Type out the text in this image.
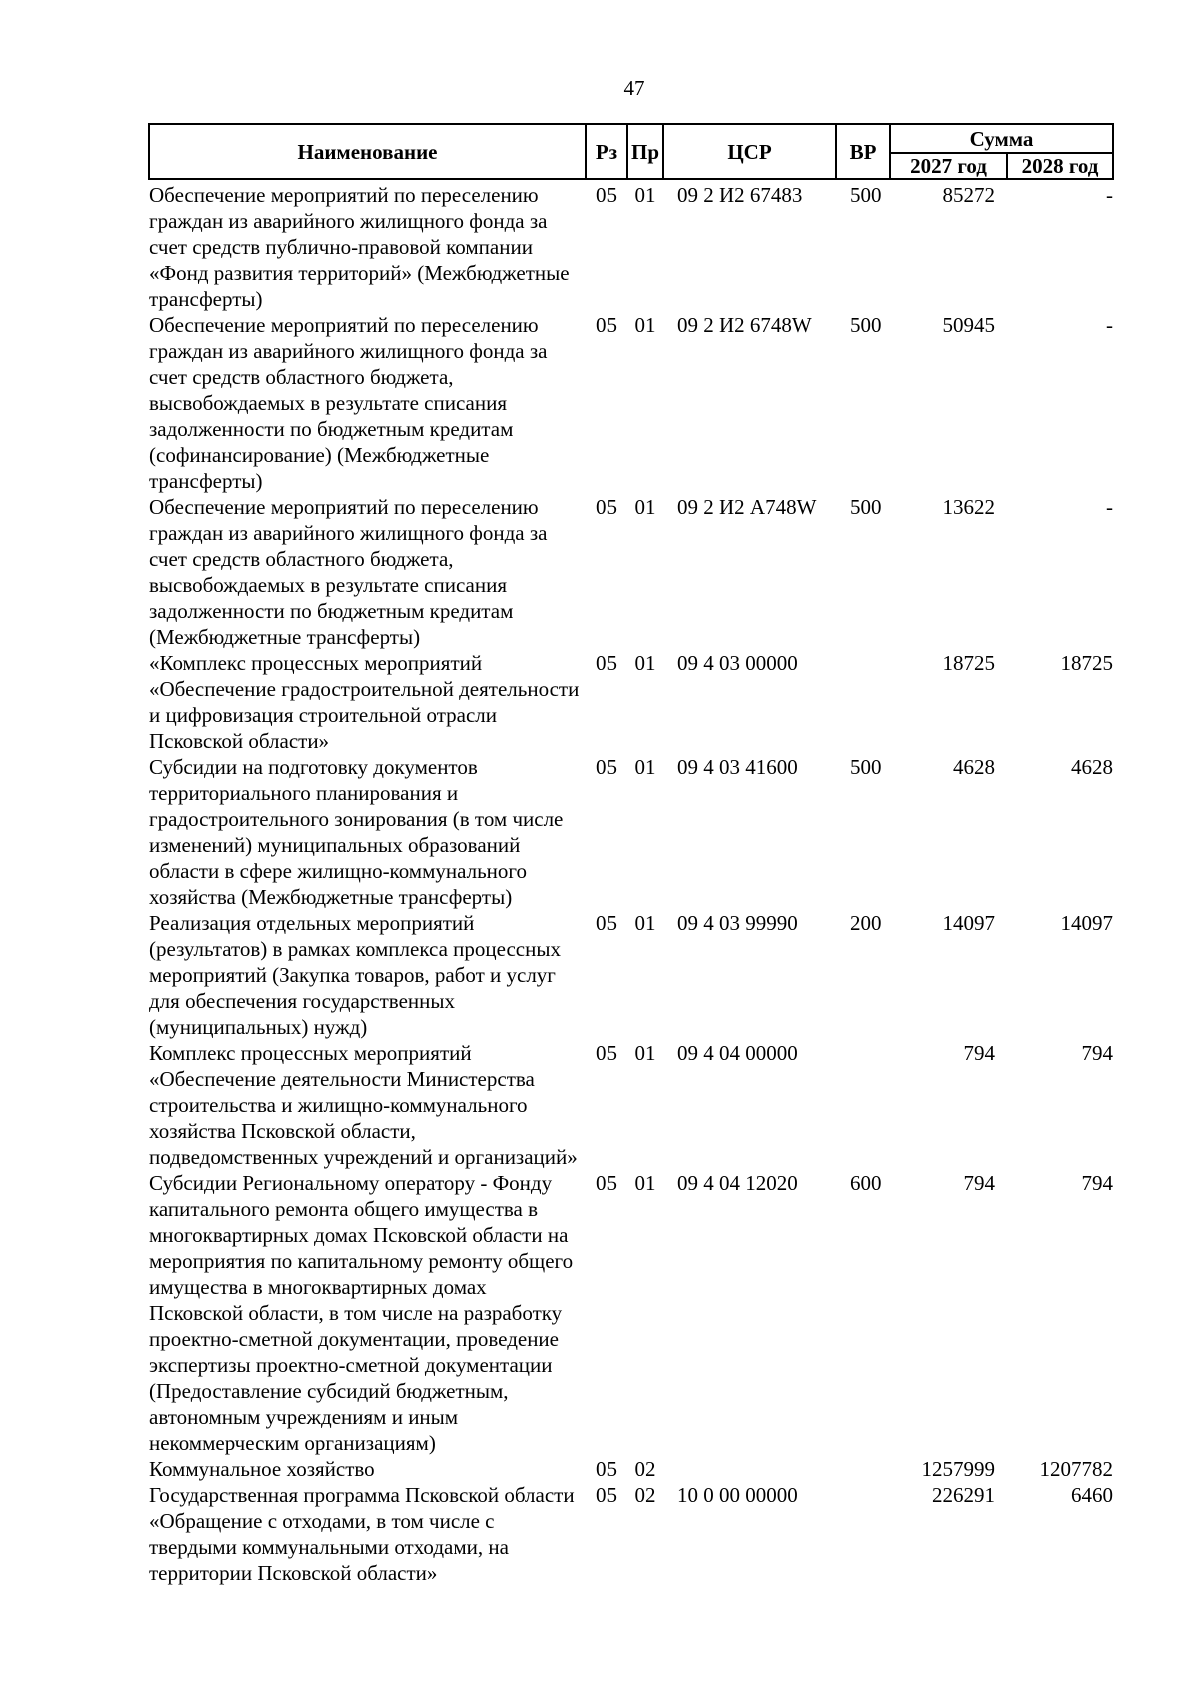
47
Наименование	Рз	Пр	ЦСР	ВР	Сумма	
					2027 год	2028 год
Обеспечение мероприятий по переселению граждан из аварийного жилищного фонда за счет средств публично-правовой компании «Фонд развития территорий» (Межбюджетные трансферты)	05	01	09 2 И2 67483	500	85272	-
Обеспечение мероприятий по переселению граждан из аварийного жилищного фонда за счет средств областного бюджета, высвобождаемых в результате списания задолженности по бюджетным кредитам (софинансирование) (Межбюджетные трансферты)	05	01	09 2 И2 6748W	500	50945	-
Обеспечение мероприятий по переселению граждан из аварийного жилищного фонда за счет средств областного бюджета, высвобождаемых в результате списания задолженности по бюджетным кредитам (Межбюджетные трансферты)	05	01	09 2 И2 А748W	500	13622	-
«Комплекс процессных мероприятий «Обеспечение градостроительной деятельности и цифровизация строительной отрасли Псковской области»	05	01	09 4 03 00000		18725	18725
Субсидии на подготовку документов территориального планирования и градостроительного зонирования (в том числе изменений) муниципальных образований области в сфере жилищно-коммунального хозяйства (Межбюджетные трансферты)	05	01	09 4 03 41600	500	4628	4628
Реализация отдельных мероприятий (результатов) в рамках комплекса процессных мероприятий (Закупка товаров, работ и услуг для обеспечения государственных (муниципальных) нужд)	05	01	09 4 03 99990	200	14097	14097
Комплекс процессных мероприятий «Обеспечение деятельности Министерства строительства и жилищно-коммунального хозяйства Псковской области, подведомственных учреждений и организаций»	05	01	09 4 04 00000		794	794
Субсидии Региональному оператору - Фонду капитального ремонта общего имущества в многоквартирных домах Псковской области на мероприятия по капитальному ремонту общего имущества в многоквартирных домах Псковской области, в том числе на разработку проектно-сметной документации, проведение экспертизы проектно-сметной документации (Предоставление субсидий бюджетным, автономным учреждениям и иным некоммерческим организациям)	05	01	09 4 04 12020	600	794	794
Коммунальное хозяйство	05	02			1257999	1207782
Государственная программа Псковской области «Обращение с отходами, в том числе с твердыми коммунальными отходами, на территории Псковской области»	05	02	10 0 00 00000		226291	6460
